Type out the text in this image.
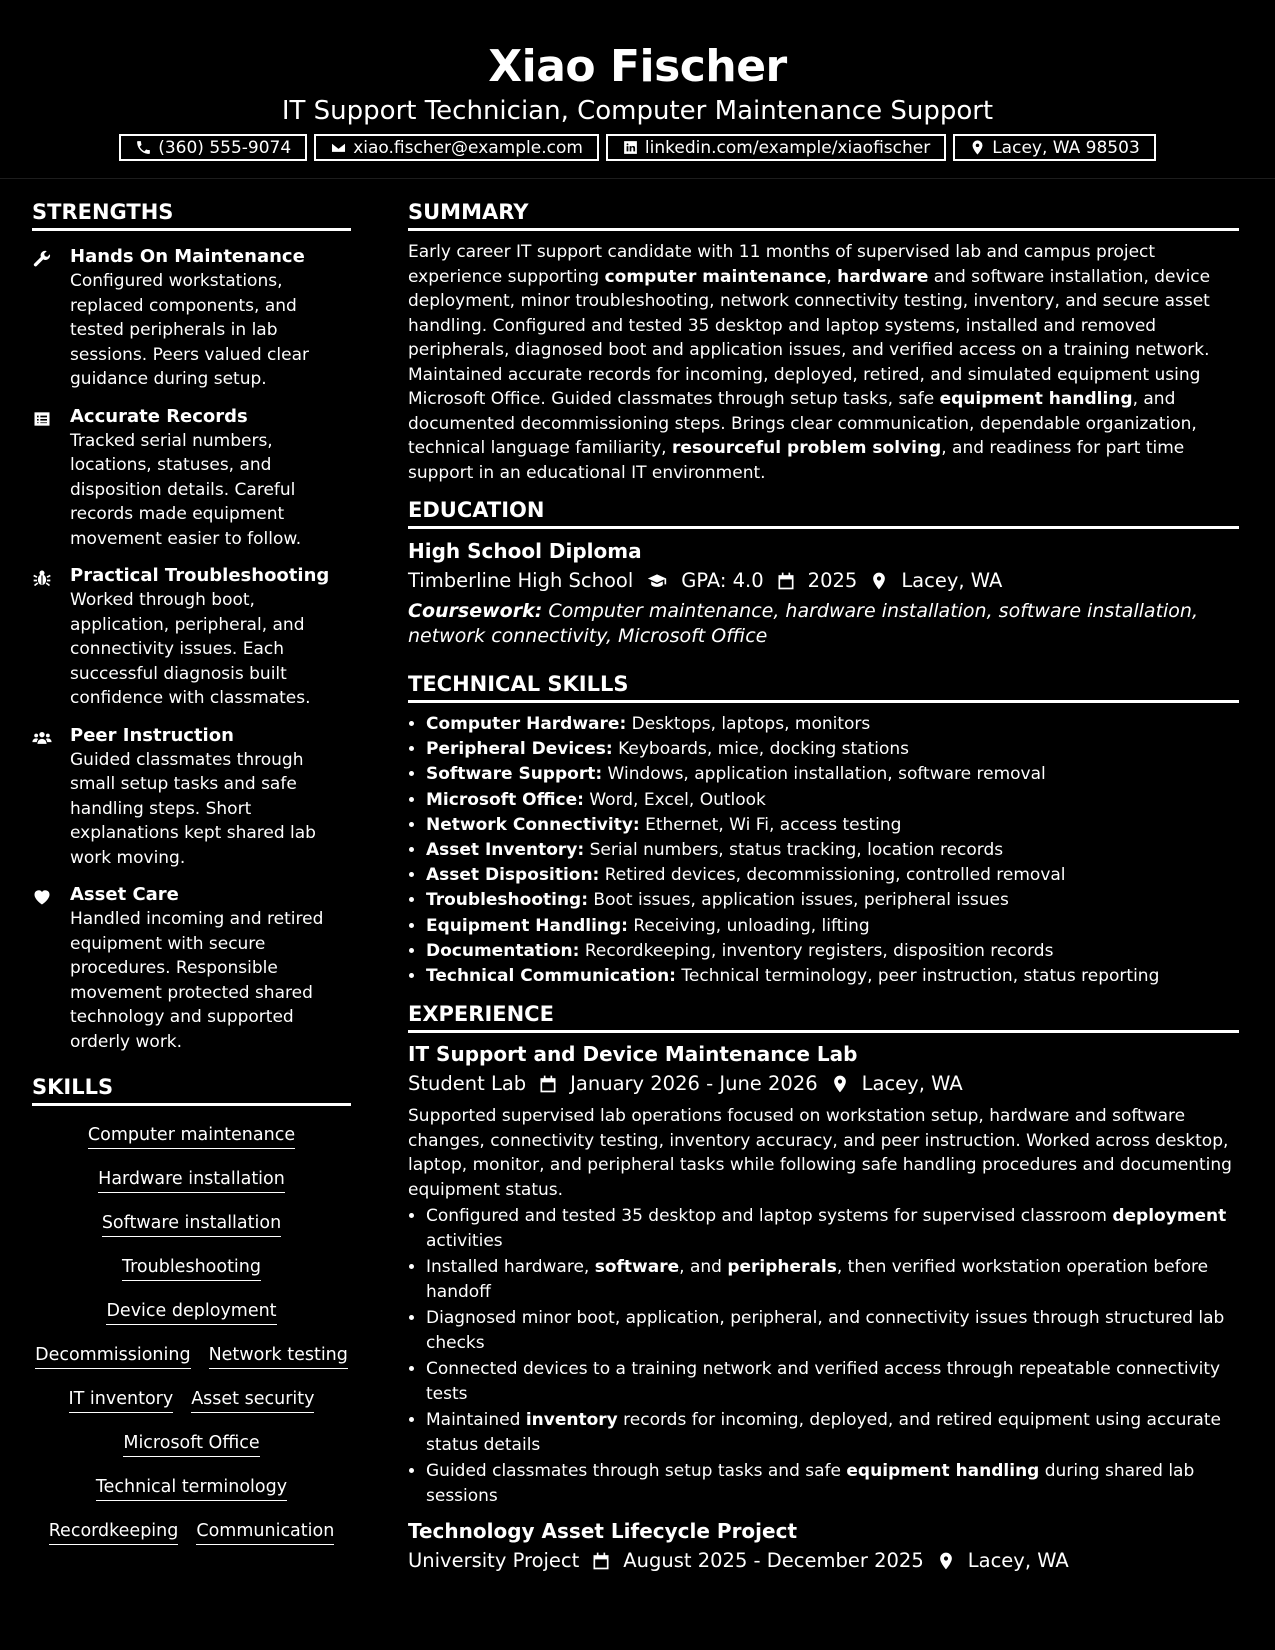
Xiao Fischer
IT Support Technician, Computer Maintenance Support
(360) 555-9074	xiao.fischer@example.com	linkedin.com/example/xiaofischer	Lacey, WA 98503
STRENGTHS
Hands On Maintenance
Configured workstations, replaced components, and tested peripherals in lab sessions. Peers valued clear guidance during setup.
Accurate Records
Tracked serial numbers, locations, statuses, and disposition details. Careful records made equipment movement easier to follow.
Practical Troubleshooting
Worked through boot, application, peripheral, and connectivity issues. Each successful diagnosis built confidence with classmates.
Peer Instruction
Guided classmates through small setup tasks and safe handling steps. Short explanations kept shared lab work moving.
Asset Care
Handled incoming and retired equipment with secure procedures. Responsible movement protected shared technology and supported orderly work.
SKILLS
Computer maintenance
Hardware installation
Software installation
Troubleshooting
Device deployment
Decommissioning Network testing
IT inventory Asset security
Microsoft Office
Technical terminology
Recordkeeping Communication
SUMMARY
Early career IT support candidate with 11 months of supervised lab and campus project experience supporting computer maintenance, hardware and software installation, device deployment, minor troubleshooting, network connectivity testing, inventory, and secure asset handling. Configured and tested 35 desktop and laptop systems, installed and removed peripherals, diagnosed boot and application issues, and verified access on a training network. Maintained accurate records for incoming, deployed, retired, and simulated equipment using Microsoft Office. Guided classmates through setup tasks, safe equipment handling, and documented decommissioning steps. Brings clear communication, dependable organization, technical language familiarity, resourceful problem solving, and readiness for part time support in an educational IT environment.
EDUCATION
High School Diploma
Timberline High School GPA: 4.0 2025 Lacey, WA
Coursework: Computer maintenance, hardware installation, software installation, network connectivity, Microsoft Office
TECHNICAL SKILLS
• Computer Hardware: Desktops, laptops, monitors
• Peripheral Devices: Keyboards, mice, docking stations
• Software Support: Windows, application installation, software removal
• Microsoft Office: Word, Excel, Outlook
• Network Connectivity: Ethernet, Wi Fi, access testing
• Asset Inventory: Serial numbers, status tracking, location records
• Asset Disposition: Retired devices, decommissioning, controlled removal
• Troubleshooting: Boot issues, application issues, peripheral issues
• Equipment Handling: Receiving, unloading, lifting
• Documentation: Recordkeeping, inventory registers, disposition records
• Technical Communication: Technical terminology, peer instruction, status reporting
EXPERIENCE
IT Support and Device Maintenance Lab
Student Lab January 2026 - June 2026 Lacey, WA
Supported supervised lab operations focused on workstation setup, hardware and software changes, connectivity testing, inventory accuracy, and peer instruction. Worked across desktop, laptop, monitor, and peripheral tasks while following safe handling procedures and documenting equipment status.
• Configured and tested 35 desktop and laptop systems for supervised classroom deployment activities
• Installed hardware, software, and peripherals, then verified workstation operation before handoff
• Diagnosed minor boot, application, peripheral, and connectivity issues through structured lab checks
• Connected devices to a training network and verified access through repeatable connectivity tests
• Maintained inventory records for incoming, deployed, and retired equipment using accurate status details
• Guided classmates through setup tasks and safe equipment handling during shared lab sessions
Technology Asset Lifecycle Project
University Project August 2025 - December 2025 Lacey, WA
